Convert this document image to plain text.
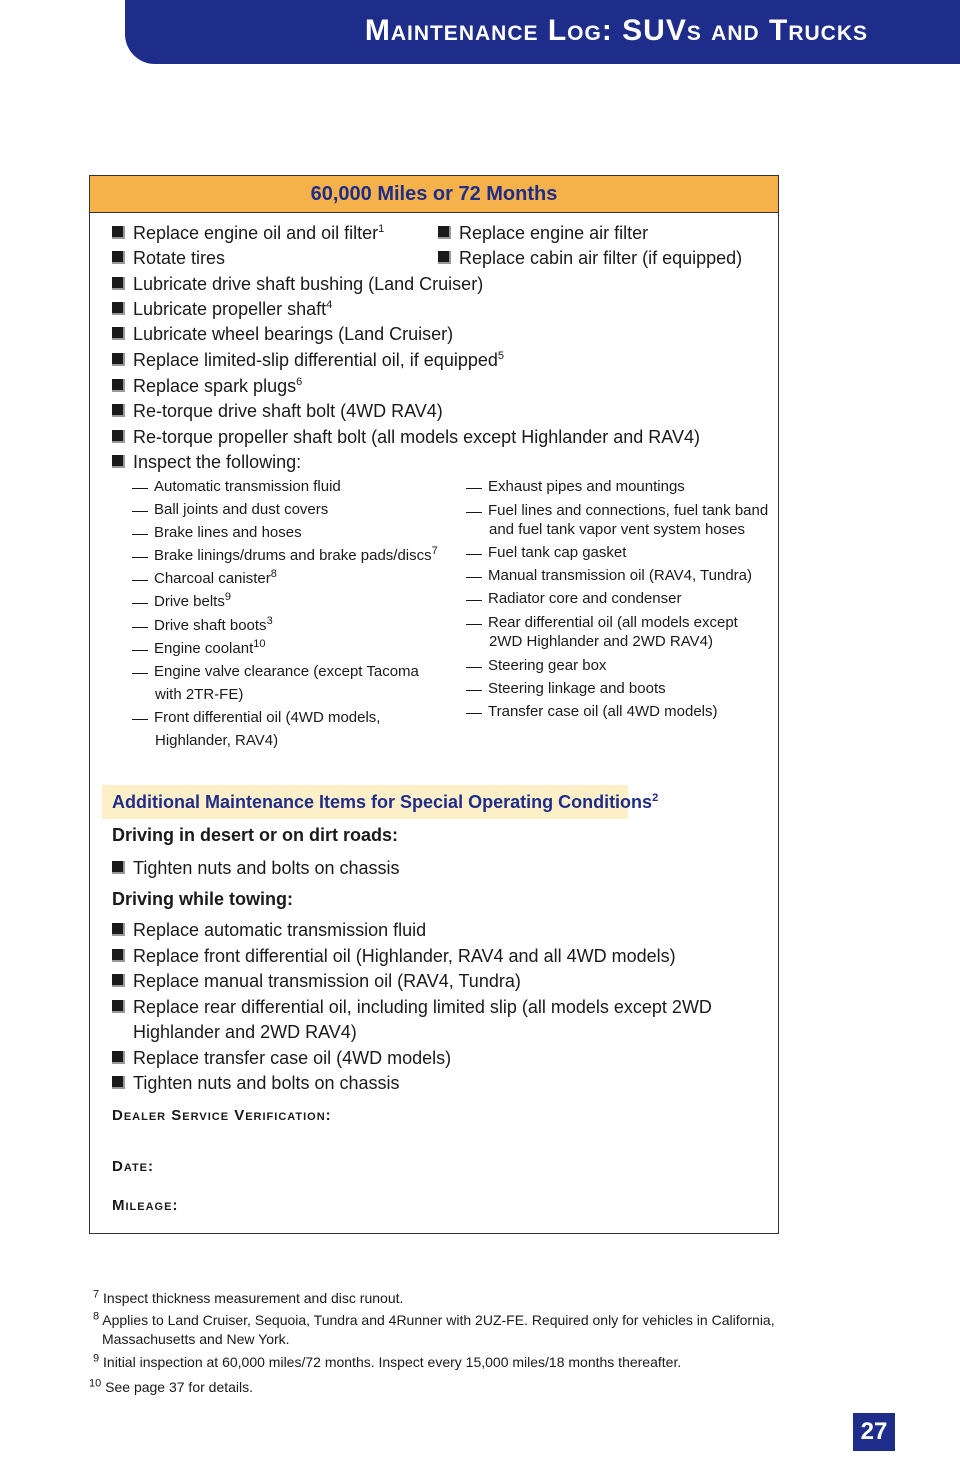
Maintenance Log: SUVs and Trucks
60,000 Miles or 72 Months
Replace engine oil and oil filter$^1$	Replace engine air filter
Rotate tires	Replace cabin air filter (if equipped)
Lubricate drive shaft bushing (Land Cruiser)
Lubricate propeller shaft$^4$
Lubricate wheel bearings (Land Cruiser)
Replace limited-slip differential oil, if equipped$^5$
Replace spark plugs$^6$
Re-torque drive shaft bolt (4WD RAV4)
Re-torque propeller shaft bolt (all models except Highlander and RAV4)
Inspect the following:
Automatic transmission fluid
Ball joints and dust covers
Brake lines and hoses
Brake linings/drums and brake pads/discs$^7$
Charcoal canister$^8$
Drive belts$^9$
Drive shaft boots$^3$
Engine coolant$^{10}$
Engine valve clearance (except Tacoma
with 2TR-FE)
Front differential oil (4WD models,
Highlander, RAV4)
Exhaust pipes and mountings
Fuel lines and connections, fuel tank band
and fuel tank vapor vent system hoses
Fuel tank cap gasket
Manual transmission oil (RAV4, Tundra)
Radiator core and condenser
Rear differential oil (all models except
2WD Highlander and 2WD RAV4)
Steering gear box
Steering linkage and boots
Transfer case oil (all 4WD models)
Additional Maintenance Items for Special Operating Conditions$^2$
Driving in desert or on dirt roads:
Tighten nuts and bolts on chassis
Driving while towing:
Replace automatic transmission fluid
Replace front differential oil (Highlander, RAV4 and all 4WD models)
Replace manual transmission oil (RAV4, Tundra)
Replace rear differential oil, including limited slip (all models except 2WD
Highlander and 2WD RAV4)
Replace transfer case oil (4WD models)
Tighten nuts and bolts on chassis
Dealer Service Verification:
Date:
Mileage:
$^7$ Inspect thickness measurement and disc runout.
$^8$ Applies to Land Cruiser, Sequoia, Tundra and 4Runner with 2UZ-FE. Required only for vehicles in California,
Massachusetts and New York.
$^9$ Initial inspection at 60,000 miles/72 months. Inspect every 15,000 miles/18 months thereafter.
$^{10}$ See page 37 for details.
27
